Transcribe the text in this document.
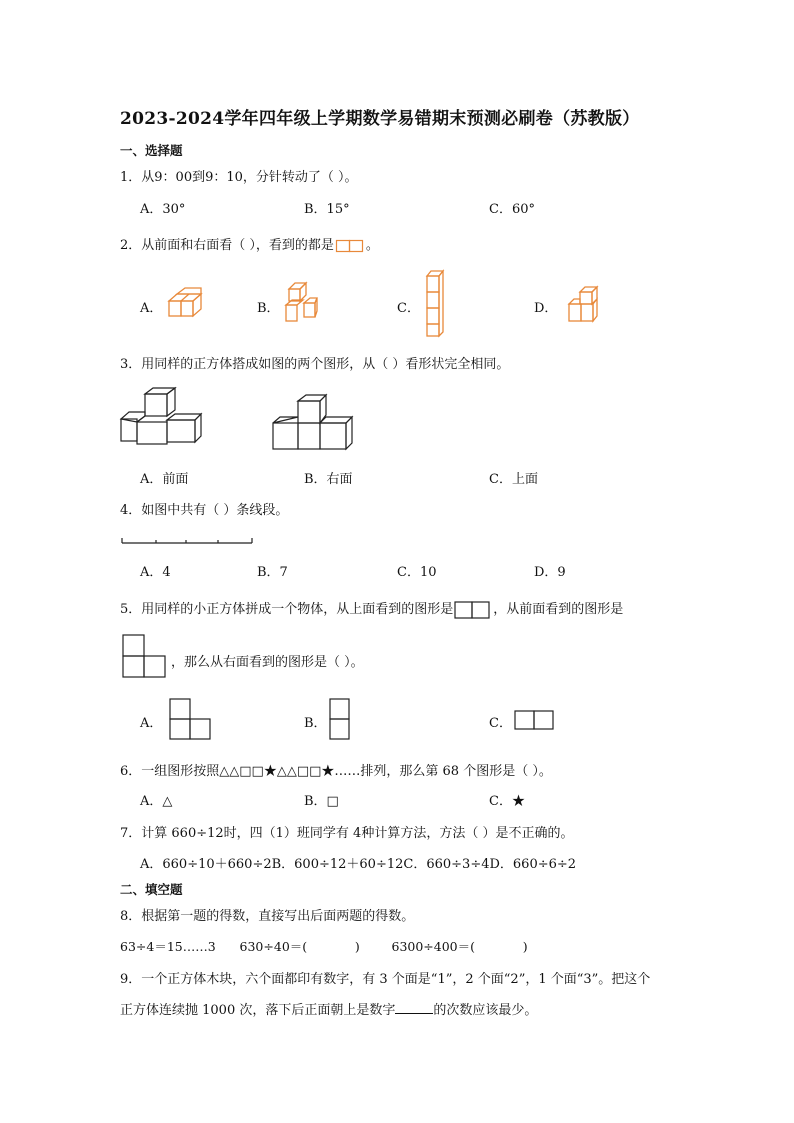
2023-2024学年四年级上学期数学易错期末预测必刷卷（苏教版）
一、选择题
1．从9：00到9：10，分针转动了（ ）。
A．30°	B．15°	C．60°
2．从前面和右面看（ ），看到的都是 。
A．	B．	C．	D．
3．用同样的正方体搭成如图的两个图形，从（ ）看形状完全相同。
A．前面	B．右面	C．上面
4．如图中共有（ ）条线段。
A．4	B．7	C．10	D．9
5．用同样的小正方体拼成一个物体，从上面看到的图形是	，从前面看到的图形是
，那么从右面看到的图形是（ ）。
A．	B．	C．
6．一组图形按照△△□□★△△□□★……排列，那么第 68 个图形是（ ）。
A．△	B．□	C．★
7．计算 660÷12时，四（1）班同学有 4种计算方法，方法（ ）是不正确的。
A．660÷10＋660÷2B．600÷12＋60÷12C．660÷3÷4D．660÷6÷2
二、填空题
8．根据第一题的得数，直接写出后面两题的得数。
63÷4＝15……3      630÷40＝(            )        6300÷400＝(            )
9．一个正方体木块，六个面都印有数字，有 3 个面是“1”，2 个面“2”，1 个面“3”。把这个
正方体连续抛 1000 次，落下后正面朝上是数字	的次数应该最少。
